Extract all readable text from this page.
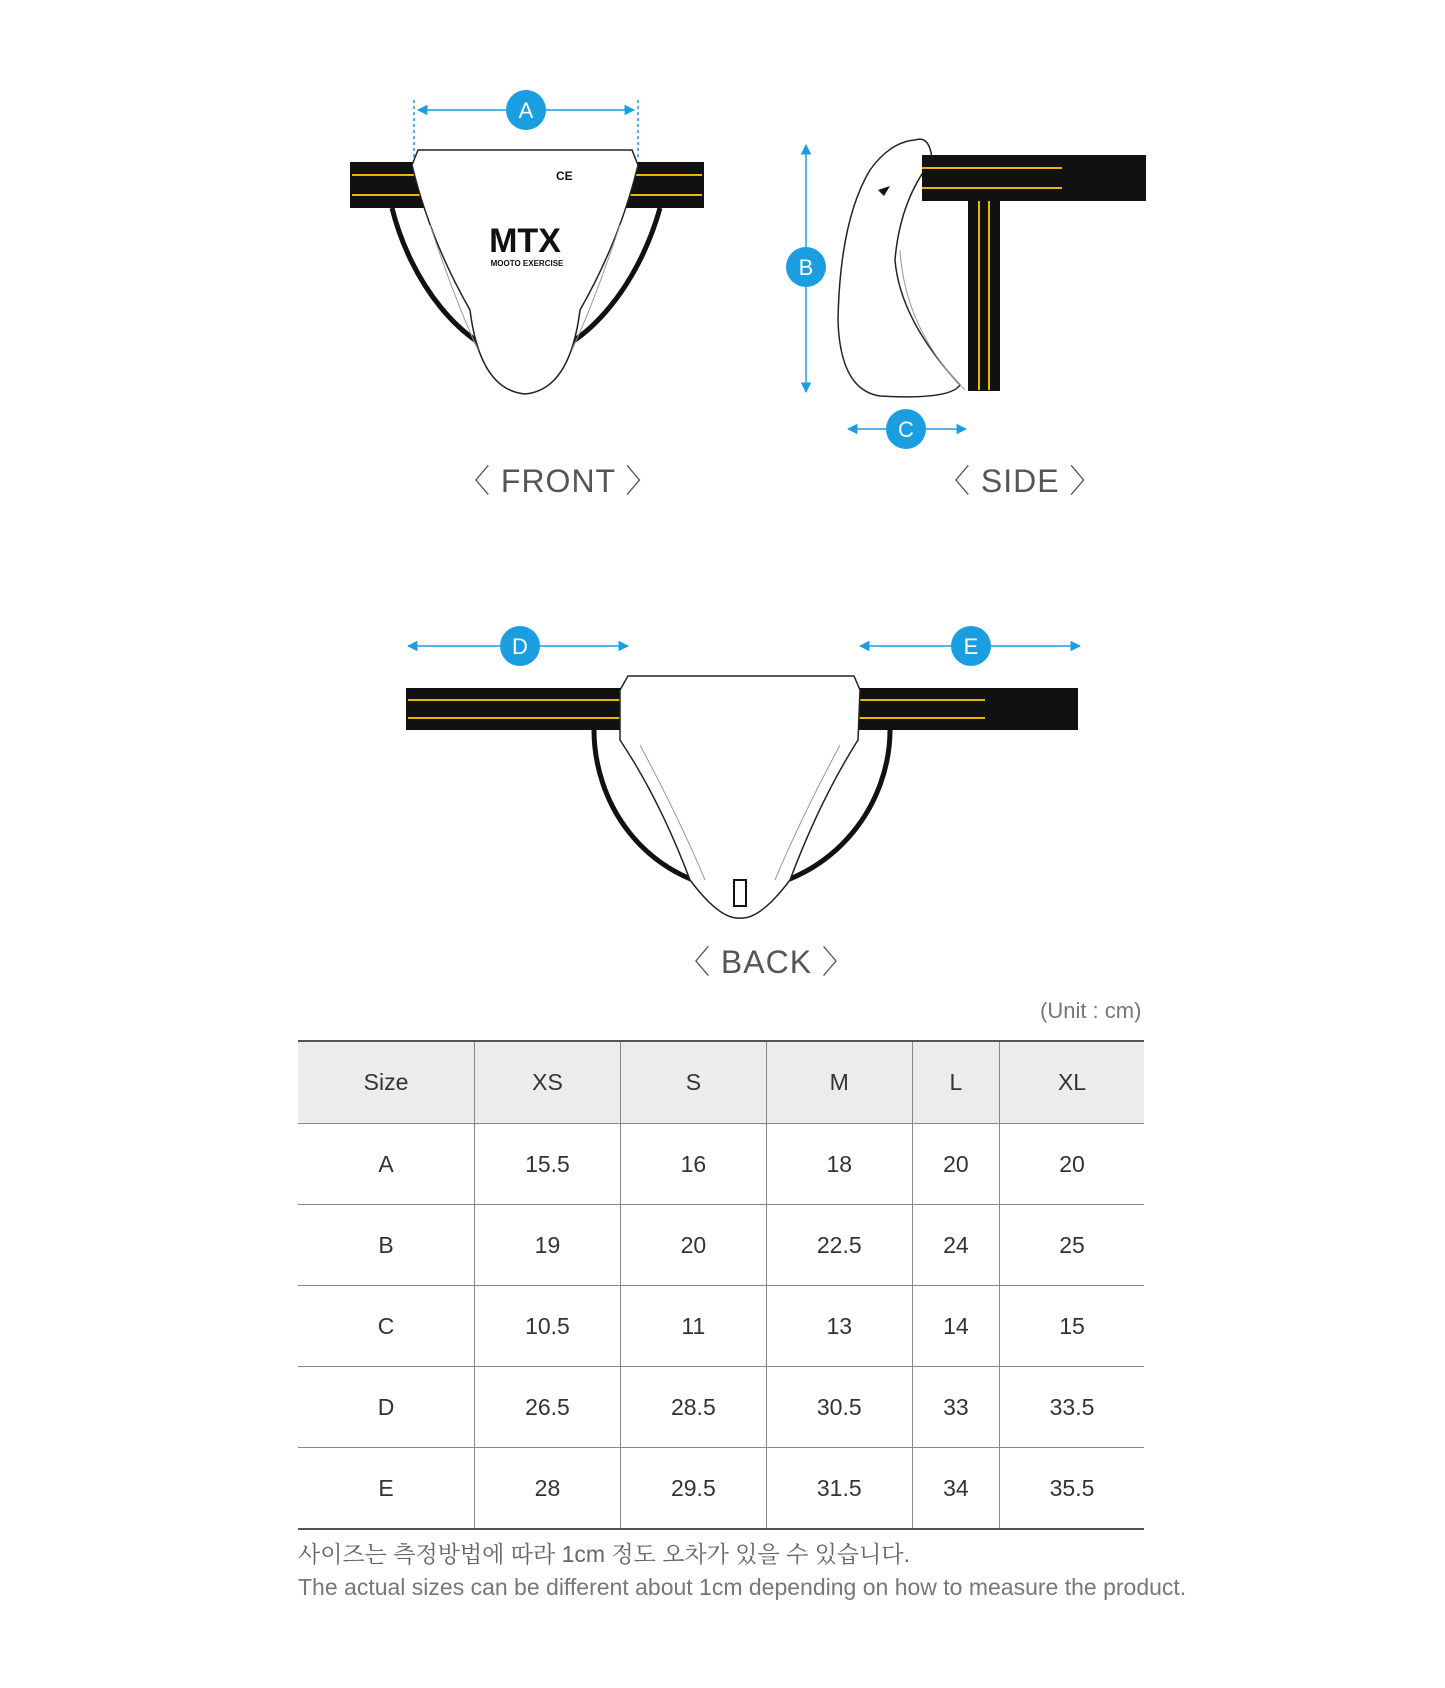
MTX
MOOTO EXERCISE
CE
A
B
C
D	E
〈 FRONT 〉	〈 SIDE 〉
〈 BACK 〉
(Unit : cm)
Size	XS	S	M	L	XL
A	15.5	16	18	20	20
B	19	20	22.5	24	25
C	10.5	11	13	14	15
D	26.5	28.5	30.5	33	33.5
E	28	29.5	31.5	34	35.5
사이즈는 측정방법에 따라 1cm 정도 오차가 있을 수 있습니다.
The actual sizes can be different about 1cm depending on how to measure the product.
